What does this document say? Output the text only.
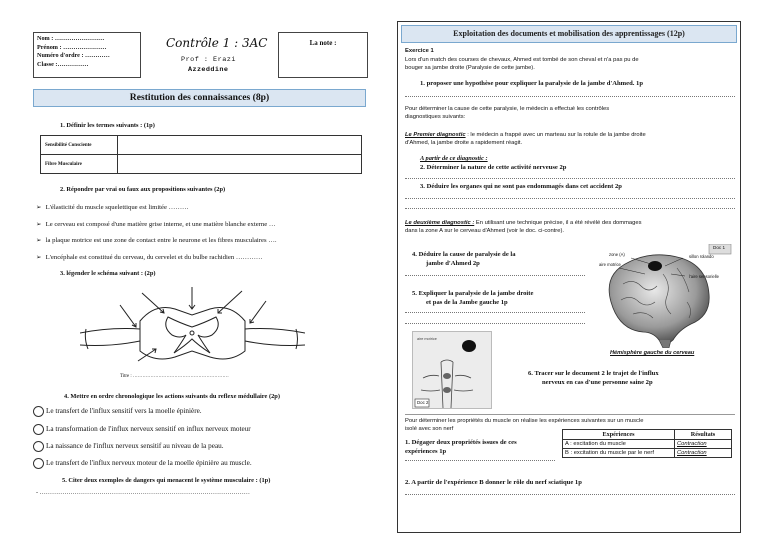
Nom : ……………………
Prénom : …………………
Numéro d'ordre : …………
Classe :……………
Contrôle 1 : 3AC
Prof : Erazi
Azzeddine
La note :
Restitution des connaissances (8p)
1. Définir les termes suivants : (1p)
Sensibilité Consciente	
Fibre Musculaire	
2. Répondre par vrai ou faux aux propositions suivantes (2p)
➢ L'élasticité du muscle squelettique est limitée ………
➢ Le cerveau est composé d'une matière grise interne, et une matière blanche externe …
➢ la plaque motrice est une zone de contact entre le neurone et les fibres musculaires ….
➢ L'encéphale est constitué du cerveau, du cervelet et du bulbe rachidien …………
3. légender le schéma suivant : (2p)
Titre : ……………………………………………………
4. Mettre en ordre chronologique les actions suivants du reflexe médullaire (2p)
Le transfert de l'influx sensitif vers la moelle épinière.
La transformation de l'influx nerveux sensitif en influx nerveux moteur
La naissance de l'influx nerveux sensitif au niveau de la peau.
Le transfert de l'influx nerveux moteur de la moelle épinière au muscle.
5. Citer deux exemples de dangers qui menacent le système musculaire : (1p)
- …………………………………………………………………………………………
Exploitation des documents et mobilisation des apprentissages (12p)
Exercice 1
Lors d'un match des courses de chevaux, Ahmed est tombé de son cheval et n'a pas pu de
bouger sa jambe droite (Paralysie de cette jambe).
1. proposer une hypothèse pour expliquer la paralysie de la jambe d'Ahmed. 1p
Pour déterminer la cause de cette paralysie, le médecin a effectué les contrôles
diagnostiques suivants:
Le Premier diagnostic : le médecin a frappé avec un marteau sur la rotule de la jambe droite
d'Ahmed, la jambe droite a rapidement réagit.
A partir de ce diagnostic :
2. Déterminer la nature de cette activité nerveuse 2p
3. Déduire les organes qui ne sont pas endommagés dans cet accident 2p
Le deuxième diagnostic : En utilisant une technique précise, il a été révélé des dommages
dans la zone A sur le cerveau d'Ahmed (voir le doc. ci-contre).
4. Déduire la cause de paralysie de la
jambe d'Ahmed 2p
5. Expliquer la paralysie de la jambe droite
et pas de la Jambe gauche 1p
Doc 1
zone (A)
aire motrice
sillon rolando
l'aire sensorielle
Hémisphère gauche du cerveau
aire motrice
Doc 2
6. Tracer sur le document 2 le trajet de l'influx
nerveux en cas d'une personne saine 2p
Pour déterminer les propriétés du muscle on réalise les expériences suivantes sur un muscle
isolé avec son nerf
1. Dégager deux propriétés issues de ces
expériences 1p
Expériences	Résultats
A : excitation du muscle	Contraction
B : excitation du muscle par le nerf	Contraction
2. A partir de l'expérience B donner le rôle du nerf sciatique 1p
